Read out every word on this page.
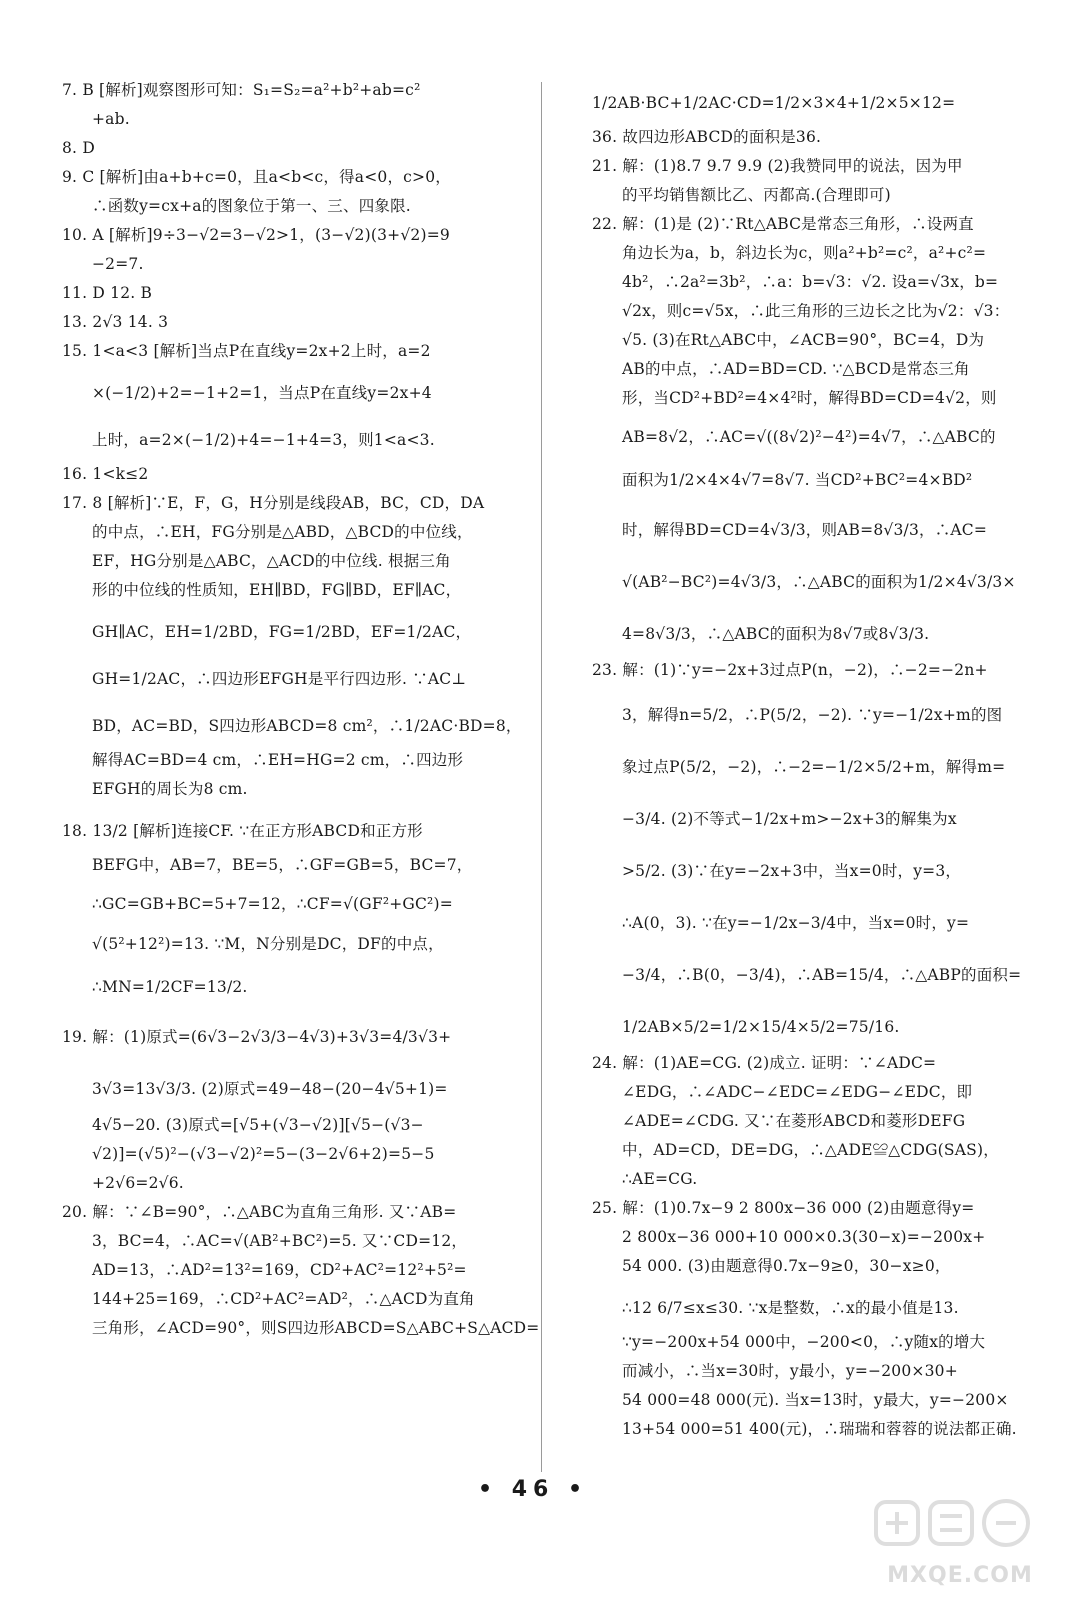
7. B [解析]观察图形可知：S₁=S₂=a²+b²+ab=c²
+ab.
8. D
9. C [解析]由a+b+c=0，且a<b<c，得a<0，c>0，
∴函数y=cx+a的图象位于第一、三、四象限.
10. A [解析]9÷3−√2=3−√2>1，(3−√2)(3+√2)=9
−2=7.
11. D 12. B
13. 2√3 14. 3
15. 1<a<3 [解析]当点P在直线y=2x+2上时，a=2
×(−1/2)+2=−1+2=1，当点P在直线y=2x+4
上时，a=2×(−1/2)+4=−1+4=3，则1<a<3.
16. 1<k≤2
17. 8 [解析]∵E，F，G，H分别是线段AB，BC，CD，DA
的中点，∴EH，FG分别是△ABD，△BCD的中位线，
EF，HG分别是△ABC，△ACD的中位线. 根据三角
形的中位线的性质知，EH∥BD，FG∥BD，EF∥AC，
GH∥AC，EH=1/2BD，FG=1/2BD，EF=1/2AC，
GH=1/2AC，∴四边形EFGH是平行四边形. ∵AC⊥
BD，AC=BD，S四边形ABCD=8 cm²，∴1/2AC·BD=8，
解得AC=BD=4 cm，∴EH=HG=2 cm，∴四边形
EFGH的周长为8 cm.
18. 13/2 [解析]连接CF. ∵在正方形ABCD和正方形
BEFG中，AB=7，BE=5，∴GF=GB=5，BC=7，
∴GC=GB+BC=5+7=12，∴CF=√(GF²+GC²)=
√(5²+12²)=13. ∵M，N分别是DC，DF的中点，
∴MN=1/2CF=13/2.
19. 解：(1)原式=(6√3−2√3/3−4√3)+3√3=4/3√3+
3√3=13√3/3. (2)原式=49−48−(20−4√5+1)=
4√5−20. (3)原式=[√5+(√3−√2)][√5−(√3−
√2)]=(√5)²−(√3−√2)²=5−(3−2√6+2)=5−5
+2√6=2√6.
20. 解：∵∠B=90°，∴△ABC为直角三角形. 又∵AB=
3，BC=4，∴AC=√(AB²+BC²)=5. 又∵CD=12，
AD=13，∴AD²=13²=169，CD²+AC²=12²+5²=
144+25=169，∴CD²+AC²=AD²，∴△ACD为直角
三角形，∠ACD=90°，则S四边形ABCD=S△ABC+S△ACD=
1/2AB·BC+1/2AC·CD=1/2×3×4+1/2×5×12=
36. 故四边形ABCD的面积是36.
21. 解：(1)8.7 9.7 9.9 (2)我赞同甲的说法，因为甲
的平均销售额比乙、丙都高.(合理即可)
22. 解：(1)是 (2)∵Rt△ABC是常态三角形，∴设两直
角边长为a，b，斜边长为c，则a²+b²=c²，a²+c²=
4b²，∴2a²=3b²，∴a：b=√3：√2. 设a=√3x，b=
√2x，则c=√5x，∴此三角形的三边长之比为√2：√3：
√5. (3)在Rt△ABC中，∠ACB=90°，BC=4，D为
AB的中点，∴AD=BD=CD. ∵△BCD是常态三角
形，当CD²+BD²=4×4²时，解得BD=CD=4√2，则
AB=8√2，∴AC=√((8√2)²−4²)=4√7，∴△ABC的
面积为1/2×4×4√7=8√7. 当CD²+BC²=4×BD²
时，解得BD=CD=4√3/3，则AB=8√3/3，∴AC=
√(AB²−BC²)=4√3/3，∴△ABC的面积为1/2×4√3/3×
4=8√3/3，∴△ABC的面积为8√7或8√3/3.
23. 解：(1)∵y=−2x+3过点P(n，−2)，∴−2=−2n+
3，解得n=5/2，∴P(5/2，−2). ∵y=−1/2x+m的图
象过点P(5/2，−2)，∴−2=−1/2×5/2+m，解得m=
−3/4. (2)不等式−1/2x+m>−2x+3的解集为x
>5/2. (3)∵在y=−2x+3中，当x=0时，y=3，
∴A(0，3). ∵在y=−1/2x−3/4中，当x=0时，y=
−3/4，∴B(0，−3/4)，∴AB=15/4，∴△ABP的面积=
1/2AB×5/2=1/2×15/4×5/2=75/16.
24. 解：(1)AE=CG. (2)成立. 证明：∵∠ADC=
∠EDG，∴∠ADC−∠EDC=∠EDG−∠EDC，即
∠ADE=∠CDG. 又∵在菱形ABCD和菱形DEFG
中，AD=CD，DE=DG，∴△ADE≌△CDG(SAS)，
∴AE=CG.
25. 解：(1)0.7x−9 2 800x−36 000 (2)由题意得y=
2 800x−36 000+10 000×0.3(30−x)=−200x+
54 000. (3)由题意得0.7x−9≥0，30−x≥0，
∴12 6/7≤x≤30. ∵x是整数，∴x的最小值是13.
∵y=−200x+54 000中，−200<0，∴y随x的增大
而减小，∴当x=30时，y最小，y=−200×30+
54 000=48 000(元). 当x=13时，y最大，y=−200×
13+54 000=51 400(元)，∴瑞瑞和蓉蓉的说法都正确.
• 46 •
MXQE.COM
